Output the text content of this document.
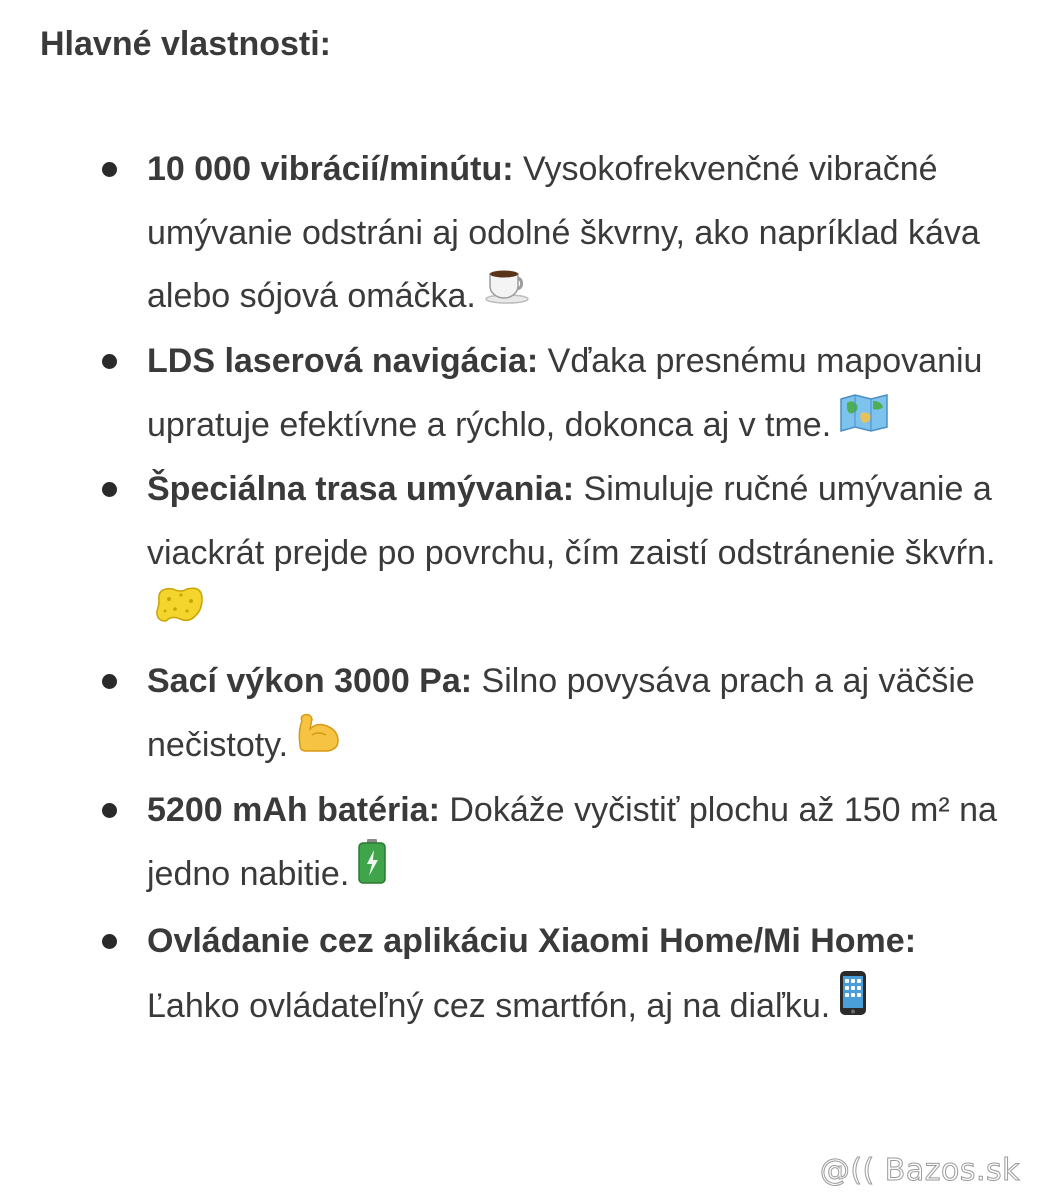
Hlavné vlastnosti:
10 000 vibrácií/minútu: Vysokofrekvenčné vibračné umývanie odstráni aj odolné škvrny, ako napríklad káva alebo sójová omáčka.
LDS laserová navigácia: Vďaka presnému mapovaniu upratuje efektívne a rýchlo, dokonca aj v tme.
Špeciálna trasa umývania: Simuluje ručné umývanie a viackrát prejde po povrchu, čím zaistí odstránenie škvŕn.
Sací výkon 3000 Pa: Silno povysáva prach a aj väčšie nečistoty.
5200 mAh batéria: Dokáže vyčistiť plochu až 150 m² na jedno nabitie.
Ovládanie cez aplikáciu Xiaomi Home/Mi Home: Ľahko ovládateľný cez smartfón, aj na diaľku.
@(( Bazos.sk
